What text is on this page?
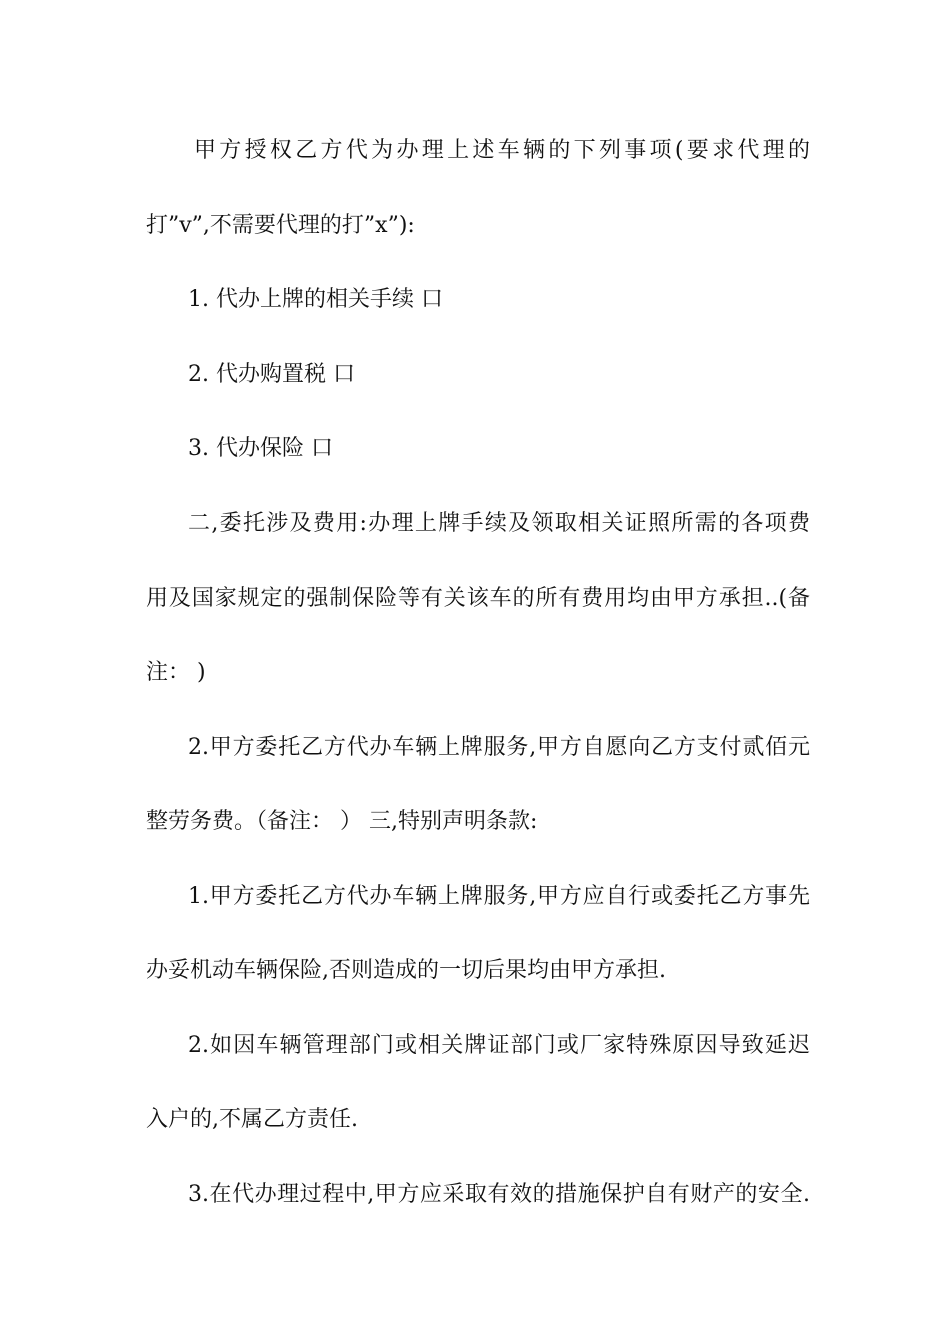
甲方授权乙方代为办理上述车辆的下列事项(要求代理的
打”v”,不需要代理的打”x”):
1. 代办上牌的相关手续 口
2. 代办购置税 口
3. 代办保险 口
二,委托涉及费用:办理上牌手续及领取相关证照所需的各项费
用及国家规定的强制保险等有关该车的所有费用均由甲方承担..(备
注： )
2.甲方委托乙方代办车辆上牌服务,甲方自愿向乙方支付贰佰元
整劳务费。（备注： ） 三,特别声明条款:
1.甲方委托乙方代办车辆上牌服务,甲方应自行或委托乙方事先
办妥机动车辆保险,否则造成的一切后果均由甲方承担.
2.如因车辆管理部门或相关牌证部门或厂家特殊原因导致延迟
入户的,不属乙方责任.
3.在代办理过程中,甲方应采取有效的措施保护自有财产的安全.
